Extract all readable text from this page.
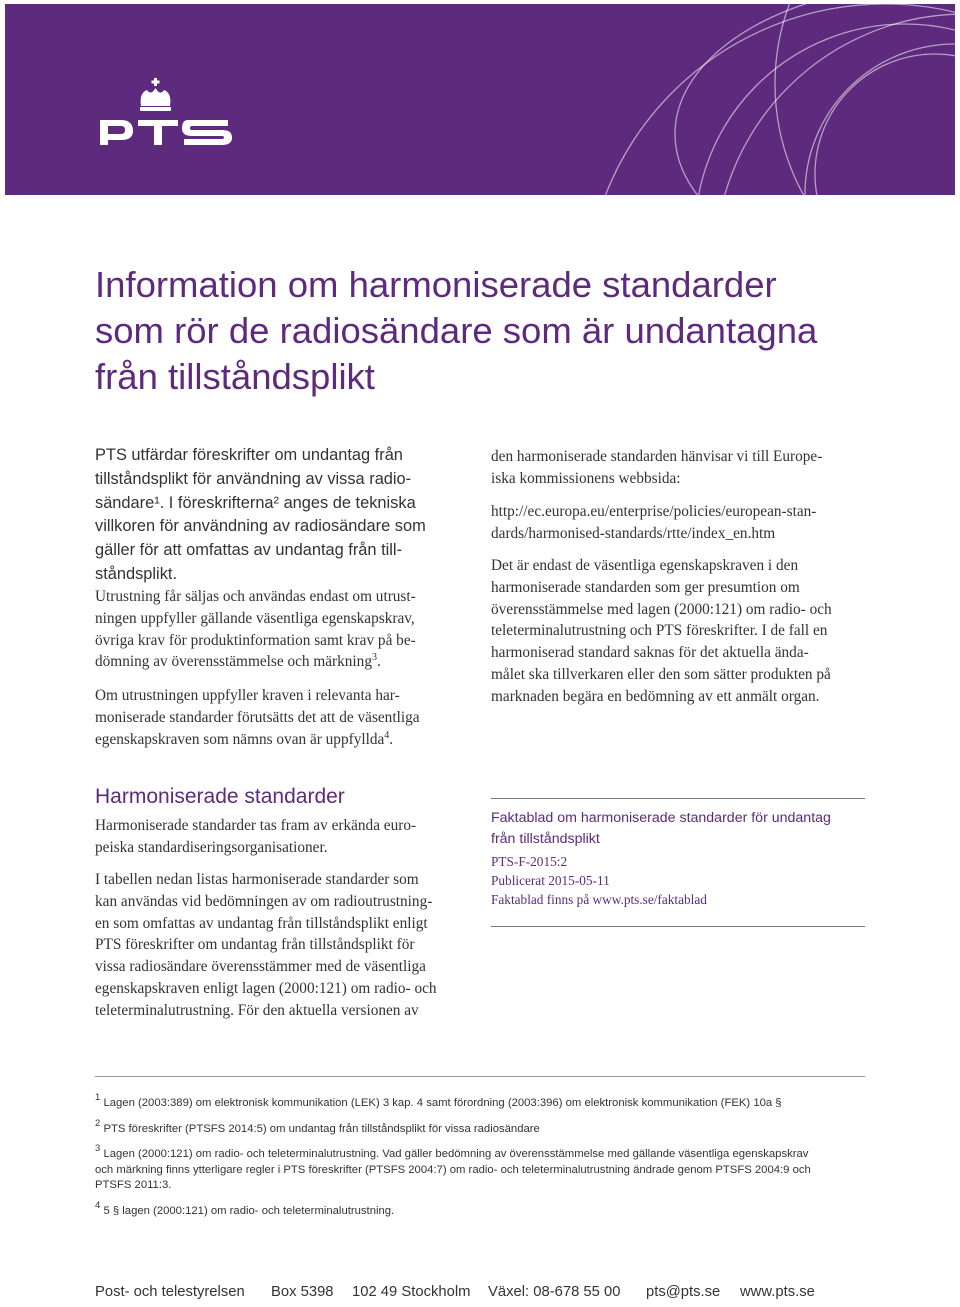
Information om harmoniserade standarder
som rör de radiosändare som är undantagna
från tillståndsplikt
PTS utfärdar föreskrifter om undantag från
tillståndsplikt för användning av vissa radio-
sändare¹. I föreskrifterna² anges de tekniska
villkoren för användning av radiosändare som
gäller för att omfattas av undantag från till-
ståndsplikt.
Utrustning får säljas och användas endast om utrust-
ningen uppfyller gällande väsentliga egenskapskrav,
övriga krav för produktinformation samt krav på be-
dömning av överensstämmelse och märkning$^3$.
Om utrustningen uppfyller kraven i relevanta har-
moniserade standarder förutsätts det att de väsentliga
egenskapskraven som nämns ovan är uppfyllda$^4$.
den harmoniserade standarden hänvisar vi till Europe-
iska kommissionens webbsida:
http://ec.europa.eu/enterprise/policies/european-stan-
dards/harmonised-standards/rtte/index_en.htm
Det är endast de väsentliga egenskapskraven i den
harmoniserade standarden som ger presumtion om
överensstämmelse med lagen (2000:121) om radio- och
teleterminalutrustning och PTS föreskrifter. I de fall en
harmoniserad standard saknas för det aktuella ända-
målet ska tillverkaren eller den som sätter produkten på
marknaden begära en bedömning av ett anmält organ.
Harmoniserade standarder
Harmoniserade standarder tas fram av erkända euro-
peiska standardiseringsorganisationer.
I tabellen nedan listas harmoniserade standarder som
kan användas vid bedömningen av om radioutrustning-
en som omfattas av undantag från tillståndsplikt enligt
PTS föreskrifter om undantag från tillståndsplikt för
vissa radiosändare överensstämmer med de väsentliga
egenskapskraven enligt lagen (2000:121) om radio- och
teleterminalutrustning. För den aktuella versionen av
Faktablad om harmoniserade standarder för undantag
från tillståndsplikt
PTS-F-2015:2
Publicerat 2015-05-11
Faktablad finns på www.pts.se/faktablad
$^1$ Lagen (2003:389) om elektronisk kommunikation (LEK) 3 kap. 4 samt förordning (2003:396) om elektronisk kommunikation (FEK) 10a §
$^2$ PTS föreskrifter (PTSFS 2014:5) om undantag från tillståndsplikt för vissa radiosändare
$^3$ Lagen (2000:121) om radio- och teleterminalutrustning. Vad gäller bedömning av överensstämmelse med gällande väsentliga egenskapskrav
och märkning finns ytterligare regler i PTS föreskrifter (PTSFS 2004:7) om radio- och teleterminalutrustning ändrade genom PTSFS 2004:9 och
PTSFS 2011:3.
$^4$ 5 § lagen (2000:121) om radio- och teleterminalutrustning.
Post- och telestyrelsen Box 5398 102 49 Stockholm Växel: 08-678 55 00 pts@pts.se www.pts.se
